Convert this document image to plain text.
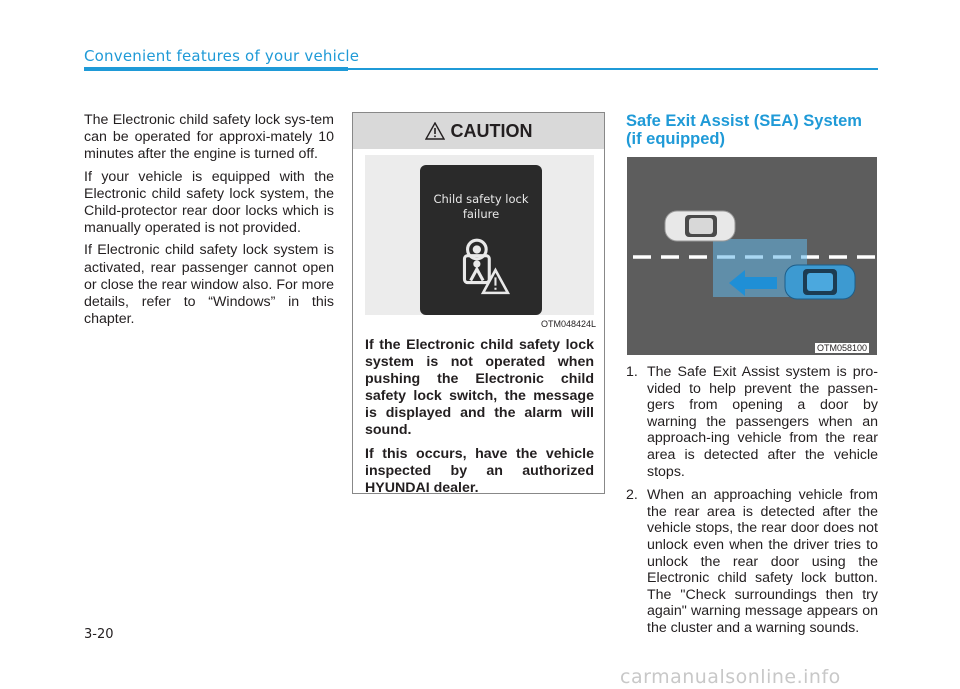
Convenient features of your vehicle

The Electronic child safety lock sys-tem can be operated for approxi-mately 10 minutes after the engine is turned off.

If your vehicle is equipped with the Electronic child safety lock system, the Child-protector rear door locks which is manually operated is not provided.

If Electronic child safety lock system is activated, rear passenger cannot open or close the rear window also. For more details, refer to “Windows” in this chapter.

CAUTION
Child safety lock
failure
OTM048424L

If the Electronic child safety lock system is not operated when pushing the Electronic child safety lock switch, the message is displayed and the alarm will sound.

If this occurs, have the vehicle inspected by an authorized HYUNDAI dealer.

Safe Exit Assist (SEA) System
(if equipped)
OTM058100
1. The Safe Exit Assist system is pro-vided to help prevent the passen-gers from opening a door by warning the passengers when an approach-ing vehicle from the rear area is detected after the vehicle stops.
2. When an approaching vehicle from the rear area is detected after the vehicle stops, the rear door does not unlock even when the driver tries to unlock the rear door using the Electronic child safety lock button. The "Check surroundings then try again" warning message appears on the cluster and a warning sounds.
3-20
carmanualsonline.info
